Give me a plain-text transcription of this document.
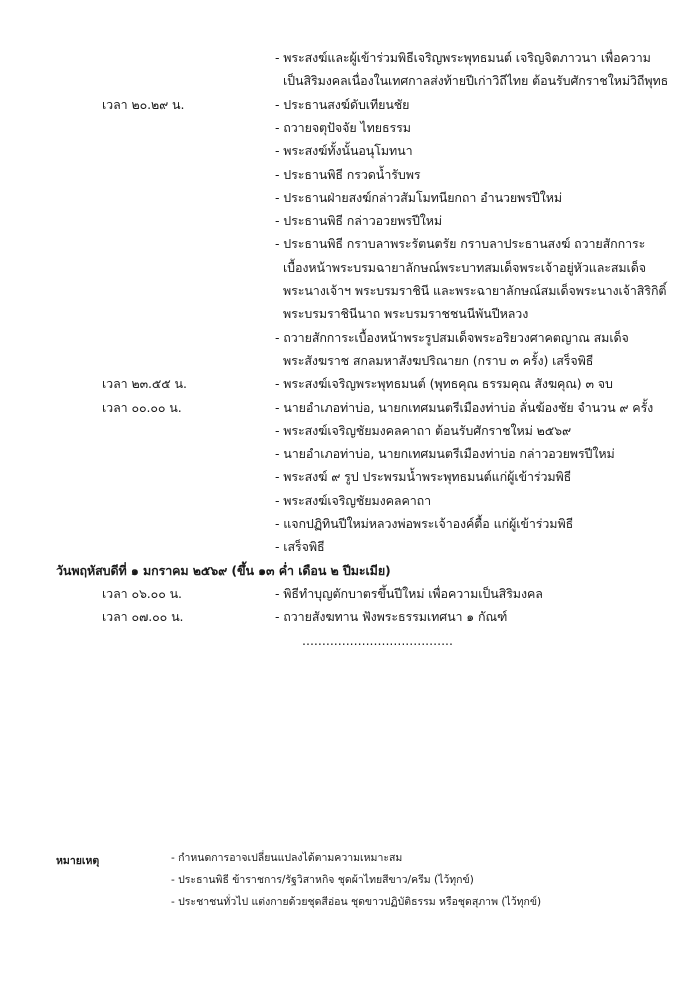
- พระสงฆ์และผู้เข้าร่วมพิธีเจริญพระพุทธมนต์ เจริญจิตภาวนา เพื่อความ
เป็นสิริมงคลเนื่องในเทศกาลส่งท้ายปีเก่าวิถีไทย ต้อนรับศักราชใหม่วิถีพุทธ
เวลา ๒๐.๒๙ น.	- ประธานสงฆ์ดับเทียนชัย
- ถวายจตุปัจจัย ไทยธรรม
- พระสงฆ์ทั้งนั้นอนุโมทนา
- ประธานพิธี กรวดน้ำรับพร
- ประธานฝ่ายสงฆ์กล่าวสัมโมทนียกถา อำนวยพรปีใหม่
- ประธานพิธี กล่าวอวยพรปีใหม่
- ประธานพิธี กราบลาพระรัตนตรัย กราบลาประธานสงฆ์ ถวายสักการะ
เบื้องหน้าพระบรมฉายาลักษณ์พระบาทสมเด็จพระเจ้าอยู่หัวและสมเด็จ
พระนางเจ้าฯ พระบรมราชินี และพระฉายาลักษณ์สมเด็จพระนางเจ้าสิริกิติ์
พระบรมราชินีนาถ พระบรมราชชนนีพันปีหลวง
- ถวายสักการะเบื้องหน้าพระรูปสมเด็จพระอริยวงศาคตญาณ สมเด็จ
พระสังฆราช สกลมหาสังฆปริณายก (กราบ ๓ ครั้ง) เสร็จพิธี
เวลา ๒๓.๕๕ น.	- พระสงฆ์เจริญพระพุทธมนต์ (พุทธคุณ ธรรมคุณ สังฆคุณ) ๓ จบ
เวลา ๐๐.๐๐ น.	- นายอำเภอท่าบ่อ, นายกเทศมนตรีเมืองท่าบ่อ ลั่นฆ้องชัย จำนวน ๙ ครั้ง
- พระสงฆ์เจริญชัยมงคลคาถา ต้อนรับศักราชใหม่ ๒๕๖๙
- นายอำเภอท่าบ่อ, นายกเทศมนตรีเมืองท่าบ่อ กล่าวอวยพรปีใหม่
- พระสงฆ์ ๙ รูป ประพรมน้ำพระพุทธมนต์แก่ผู้เข้าร่วมพิธี
- พระสงฆ์เจริญชัยมงคลคาถา
- แจกปฏิทินปีใหม่หลวงพ่อพระเจ้าองค์ตื้อ แก่ผู้เข้าร่วมพิธี
- เสร็จพิธี
วันพฤหัสบดีที่ ๑ มกราคม ๒๕๖๙ (ขึ้น ๑๓ ค่ำ เดือน ๒ ปีมะเมีย)
เวลา ๐๖.๐๐ น.	- พิธีทำบุญตักบาตรขึ้นปีใหม่ เพื่อความเป็นสิริมงคล
เวลา ๐๗.๐๐ น.	- ถวายสังฆทาน ฟังพระธรรมเทศนา ๑ กัณฑ์
......................................
หมายเหตุ	- กำหนดการอาจเปลี่ยนแปลงได้ตามความเหมาะสม
- ประธานพิธี ข้าราชการ/รัฐวิสาหกิจ ชุดผ้าไทยสีขาว/ครีม (ไว้ทุกข์)
- ประชาชนทั่วไป แต่งกายด้วยชุดสีอ่อน ชุดขาวปฏิบัติธรรม หรือชุดสุภาพ (ไว้ทุกข์)
